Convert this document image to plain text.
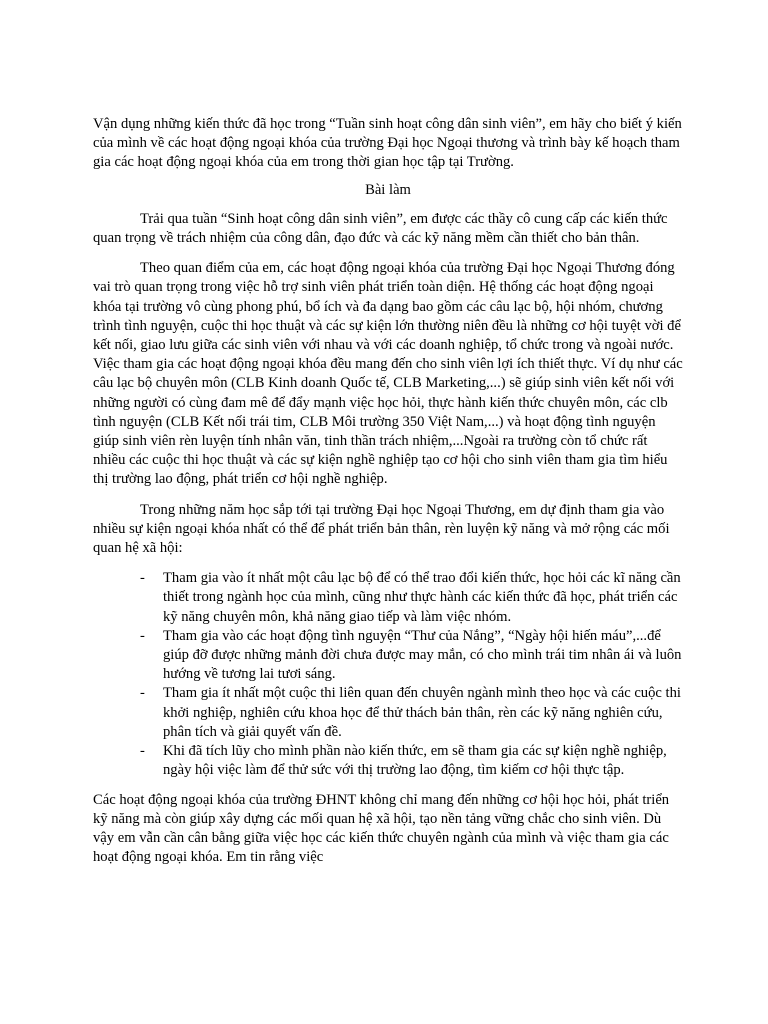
Vận dụng những kiến thức đã học trong “Tuần sinh hoạt công dân sinh viên”, em hãy cho biết ý kiến của mình về các hoạt động ngoại khóa của trường Đại học Ngoại thương và trình bày kế hoạch tham gia các hoạt động ngoại khóa của em trong thời gian học tập tại Trường.

Bài làm

Trải qua tuần “Sinh hoạt công dân sinh viên”, em được các thầy cô cung cấp các kiến thức quan trọng về trách nhiệm của công dân, đạo đức và các kỹ năng mềm cần thiết cho bản thân.

Theo quan điểm của em, các hoạt động ngoại khóa của trường Đại học Ngoại Thương đóng vai trò quan trọng trong việc hỗ trợ sinh viên phát triển toàn diện. Hệ thống các hoạt động ngoại khóa tại trường vô cùng phong phú, bổ ích và đa dạng bao gồm các câu lạc bộ, hội nhóm, chương trình tình nguyện, cuộc thi học thuật và các sự kiện lớn thường niên đều là những cơ hội tuyệt vời để kết nối, giao lưu giữa các sinh viên với nhau và với các doanh nghiệp, tổ chức trong và ngoài nước. Việc tham gia các hoạt động ngoại khóa đều mang đến cho sinh viên lợi ích thiết thực. Ví dụ như các câu lạc bộ chuyên môn (CLB Kinh doanh Quốc tế, CLB Marketing,...) sẽ giúp sinh viên kết nối với những người có cùng đam mê để đẩy mạnh việc học hỏi, thực hành kiến thức chuyên môn, các clb tình nguyện (CLB Kết nối trái tim, CLB Môi trường 350 Việt Nam,...) và hoạt động tình nguyện giúp sinh viên rèn luyện tính nhân văn, tinh thần trách nhiệm,...Ngoài ra trường còn tổ chức rất nhiều các cuộc thi học thuật và các sự kiện nghề nghiệp tạo cơ hội cho sinh viên tham gia tìm hiểu thị trường lao động, phát triển cơ hội nghề nghiệp.

Trong những năm học sắp tới tại trường Đại học Ngoại Thương, em dự định tham gia vào nhiều sự kiện ngoại khóa nhất có thể để phát triển bản thân, rèn luyện kỹ năng và mở rộng các mối quan hệ xã hội:

- Tham gia vào ít nhất một câu lạc bộ để có thể trao đổi kiến thức, học hỏi các kĩ năng cần thiết trong ngành học của mình, cũng như thực hành các kiến thức đã học, phát triển các kỹ năng chuyên môn, khả năng giao tiếp và làm việc nhóm.
- Tham gia vào các hoạt động tình nguyện “Thư của Nắng”, “Ngày hội hiến máu”,...để giúp đỡ được những mảnh đời chưa được may mắn, có cho mình trái tim nhân ái và luôn hướng về tương lai tươi sáng.
- Tham gia ít nhất một cuộc thi liên quan đến chuyên ngành mình theo học và các cuộc thi khởi nghiệp, nghiên cứu khoa học để thử thách bản thân, rèn các kỹ năng nghiên cứu, phân tích và giải quyết vấn đề.
- Khi đã tích lũy cho mình phần nào kiến thức, em sẽ tham gia các sự kiện nghề nghiệp, ngày hội việc làm để thử sức với thị trường lao động, tìm kiếm cơ hội thực tập.

Các hoạt động ngoại khóa của trường ĐHNT không chỉ mang đến những cơ hội học hỏi, phát triển kỹ năng mà còn giúp xây dựng các mối quan hệ xã hội, tạo nền tảng vững chắc cho sinh viên. Dù vậy em vẫn cần cân bằng giữa việc học các kiến thức chuyên ngành của mình và việc tham gia các hoạt động ngoại khóa. Em tin rằng việc
